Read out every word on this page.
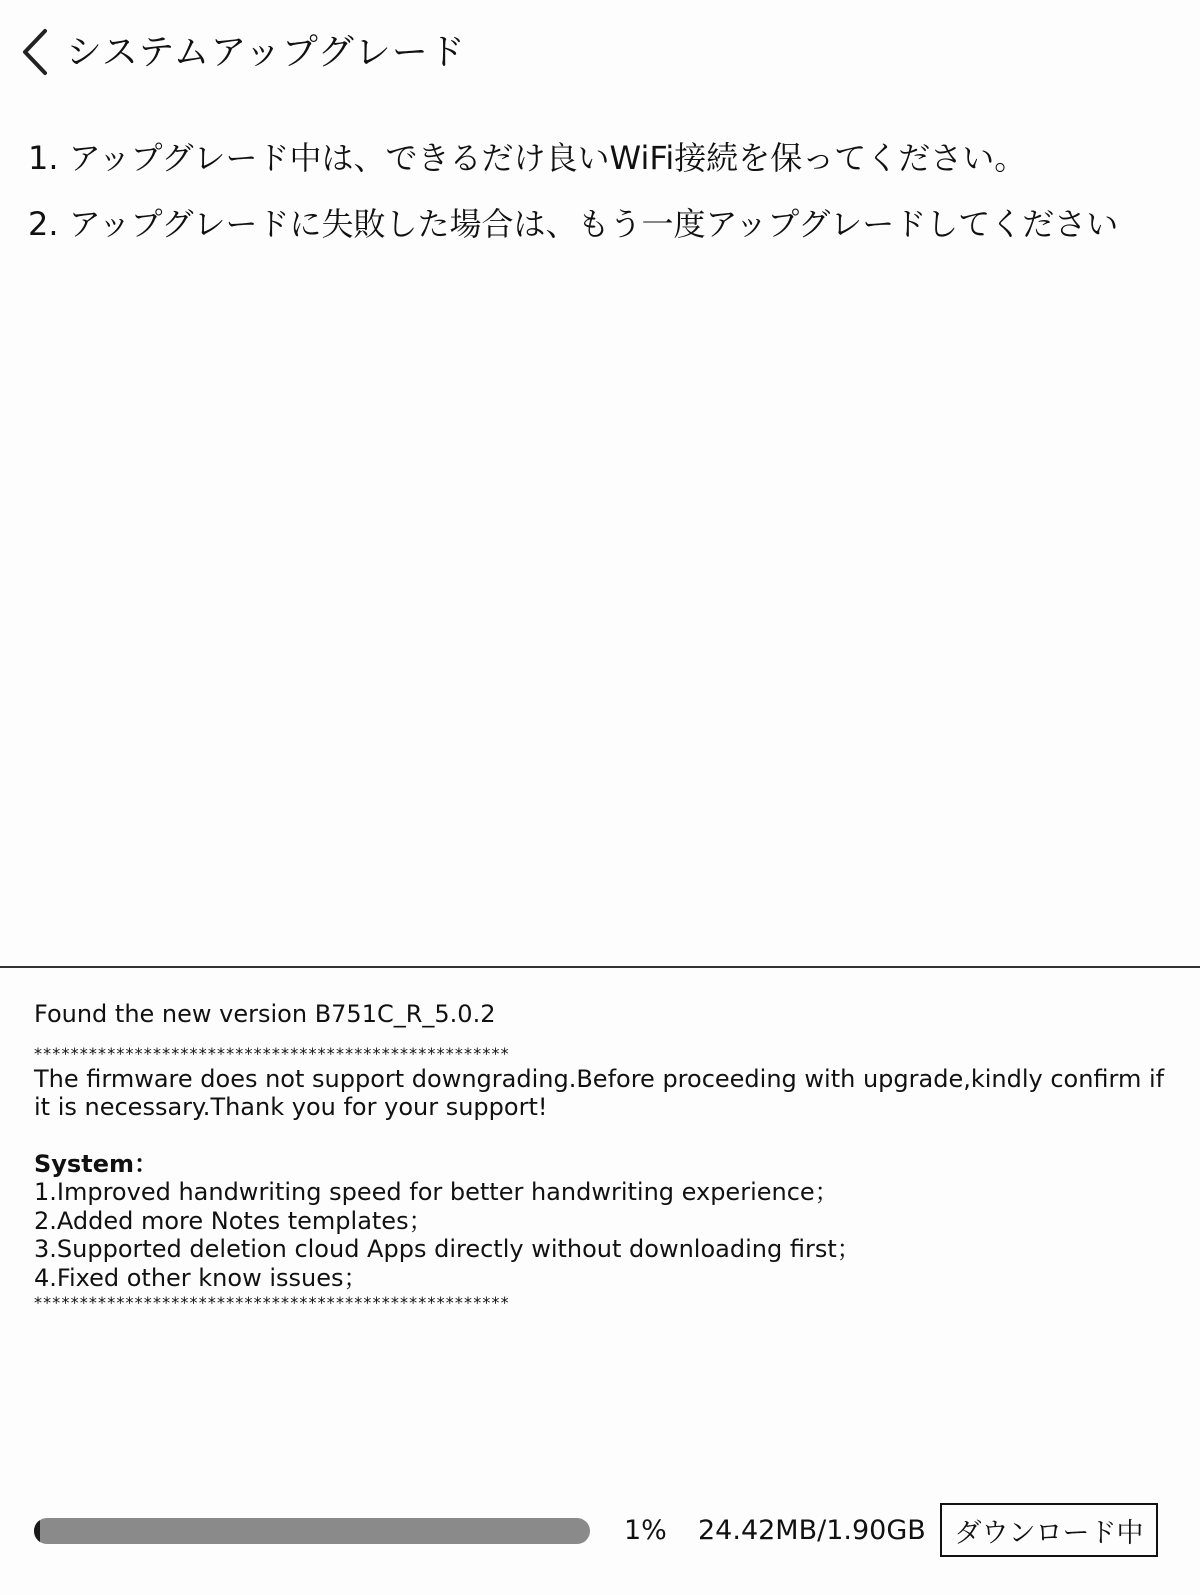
システムアップグレード
1. アップグレード中は、できるだけ良いWiFi接続を保ってください。
2. アップグレードに失敗した場合は、もう一度アップグレードしてください
Found the new version B751C_R_5.0.2
****************************************************
The firmware does not support downgrading.Before proceeding with upgrade,kindly confirm if it is necessary.Thank you for your support!
System：
1.Improved handwriting speed for better handwriting experience；
2.Added more Notes templates；
3.Supported deletion cloud Apps directly without downloading first；
4.Fixed other know issues；
****************************************************
1% 24.42MB/1.90GB	ダウンロード中
